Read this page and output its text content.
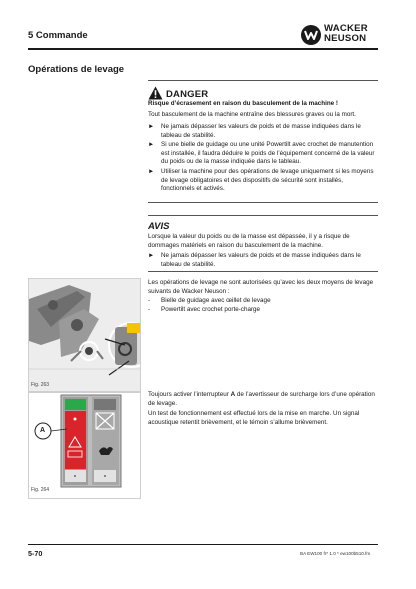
5 Commande
WACKER
NEUSON
Opérations de levage
DANGER
Risque d’écrasement en raison du basculement de la machine !
Tout basculement de la machine entraîne des blessures graves ou la mort.
► Ne jamais dépasser les valeurs de poids et de masse indiquées dans le tableau de stabilité.
► Si une bielle de guidage ou une unité Powertilt avec crochet de manutention est installée, il faudra déduire le poids de l’équipement concerné de la valeur du poids ou de la masse indiquée dans le tableau.
► Utiliser la machine pour des opérations de levage uniquement si les moyens de levage obligatoires et des dispositifs de sécurité sont installés, fonctionnels et activés.
AVIS
Lorsque la valeur du poids ou de la masse est dépassée, il y a risque de dommages matériels en raison du basculement de la machine.
► Ne jamais dépasser les valeurs de poids et de masse indiquées dans le tableau de stabilité.
Les opérations de levage ne sont autorisées qu’avec les deux moyens de levage suivants de Wacker Neuson :
- Bielle de guidage avec œillet de levage
- Powertilt avec crochet porte-charge
Fig. 263
A
Fig. 264
Toujours activer l’interrupteur A de l’avertisseur de surcharge lors d’une opération de levage.
Un test de fonctionnement est effectué lors de la mise en marche. Un signal acoustique retentit brièvement, et le témoin s’allume brièvement.
5-70	BA EW100 fr* 1.0 * ew100b510.fm
